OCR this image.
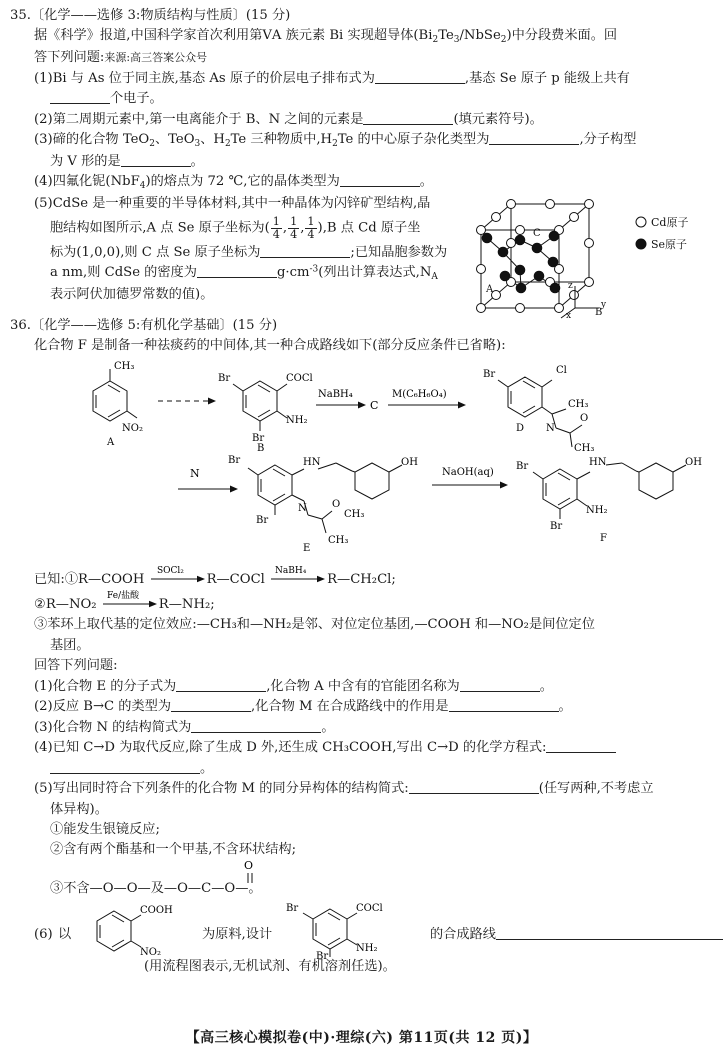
35.〔化学——选修 3:物质结构与性质〕(15 分)
据《科学》报道,中国科学家首次利用第ⅤA 族元素 Bi 实现超导体$(Bi_2Te_3/NbSe_2)$中分段费米面。回
答下列问题:来源:高三答案公众号
(1)Bi 与 As 位于同主族,基态 As 原子的价层电子排布式为	,基态 Se 原子 p 能级上共有
个电子。
(2)第二周期元素中,第一电离能介于 B、N 之间的元素是	(填元素符号)。
(3)碲的化合物 TeO$_2$、TeO$_3$、$H_2Te$ 三种物质中$,H_2Te$ 的中心原子杂化类型为	,分子构型
为 V 形的是	。
(4)四氟化铌(NbF$_4$)的熔点为 72 ℃,它的晶体类型为	。
(5)CdSe 是一种重要的半导体材料,其中一种晶体为闪锌矿型结构,晶
胞结构如图所示,A 点 Se 原子坐标为( $\frac{1}{4}$ , $\frac{1}{4}$ , $\frac{1}{4} ),B$ 点 Cd 原子坐
标为(1,0,0),则 C 点 Se 原子坐标为	;已知晶胞参数为
a nm,则 CdSe 的密度为	$g\cdot cm^{-3}$(列出计算表达式$,N_A$
表示阿伏加德罗常数的值)。
C
A
B
z
y
x
Cd原子
Se原子
36.〔化学——选修 5:有机化学基础〕(15 分)
化合物 F 是制备一种祛痰药的中间体,其一种合成路线如下(部分反应条件已省略):
CH₃
NO₂
A
Br	COCl
NH₂
Br
B
NaBH₄
C
M(C₆H₆O₄)
Br	Cl
CH₃
N
O
CH₃
D
N
Br	HN	OH
Br
N	O
CH₃
CH₃
E
NaOH(aq)
Br	HN	OH
NH₂
Br
F
已知:①R—COOH
SOCl₂
R—COCl
NaBH₄
R—CH₂Cl;
②R—NO₂
Fe/盐酸
R—NH₂;
③苯环上取代基的定位效应:—CH₃和—NH₂是邻、对位定位基团,—COOH 和—NO₂是间位定位
基团。
回答下列问题:
(1)化合物 E 的分子式为	,化合物 A 中含有的官能团名称为	。
(2)反应 B→C 的类型为	,化合物 M 在合成路线中的作用是	。
(3)化合物 N 的结构简式为	。
(4)已知 C→D 为取代反应,除了生成 D 外,还生成 CH₃COOH,写出 C→D 的化学方程式:
。
(5)写出同时符合下列条件的化合物 M 的同分异构体的结构简式:	(任写两种,不考虑立
体异构)。
①能发生银镜反应;
②含有两个酯基和一个甲基,不含环状结构;
③不含—O—O—及—O—C—O—。
O
(6) 以
COOH
NO₂
为原料,设计
Br	COCl
NH₂
Br
的合成路线
(用流程图表示,无机试剂、有机溶剂任选)。
【高三核心模拟卷(中)·理综(六) 第11页(共 12 页)】
